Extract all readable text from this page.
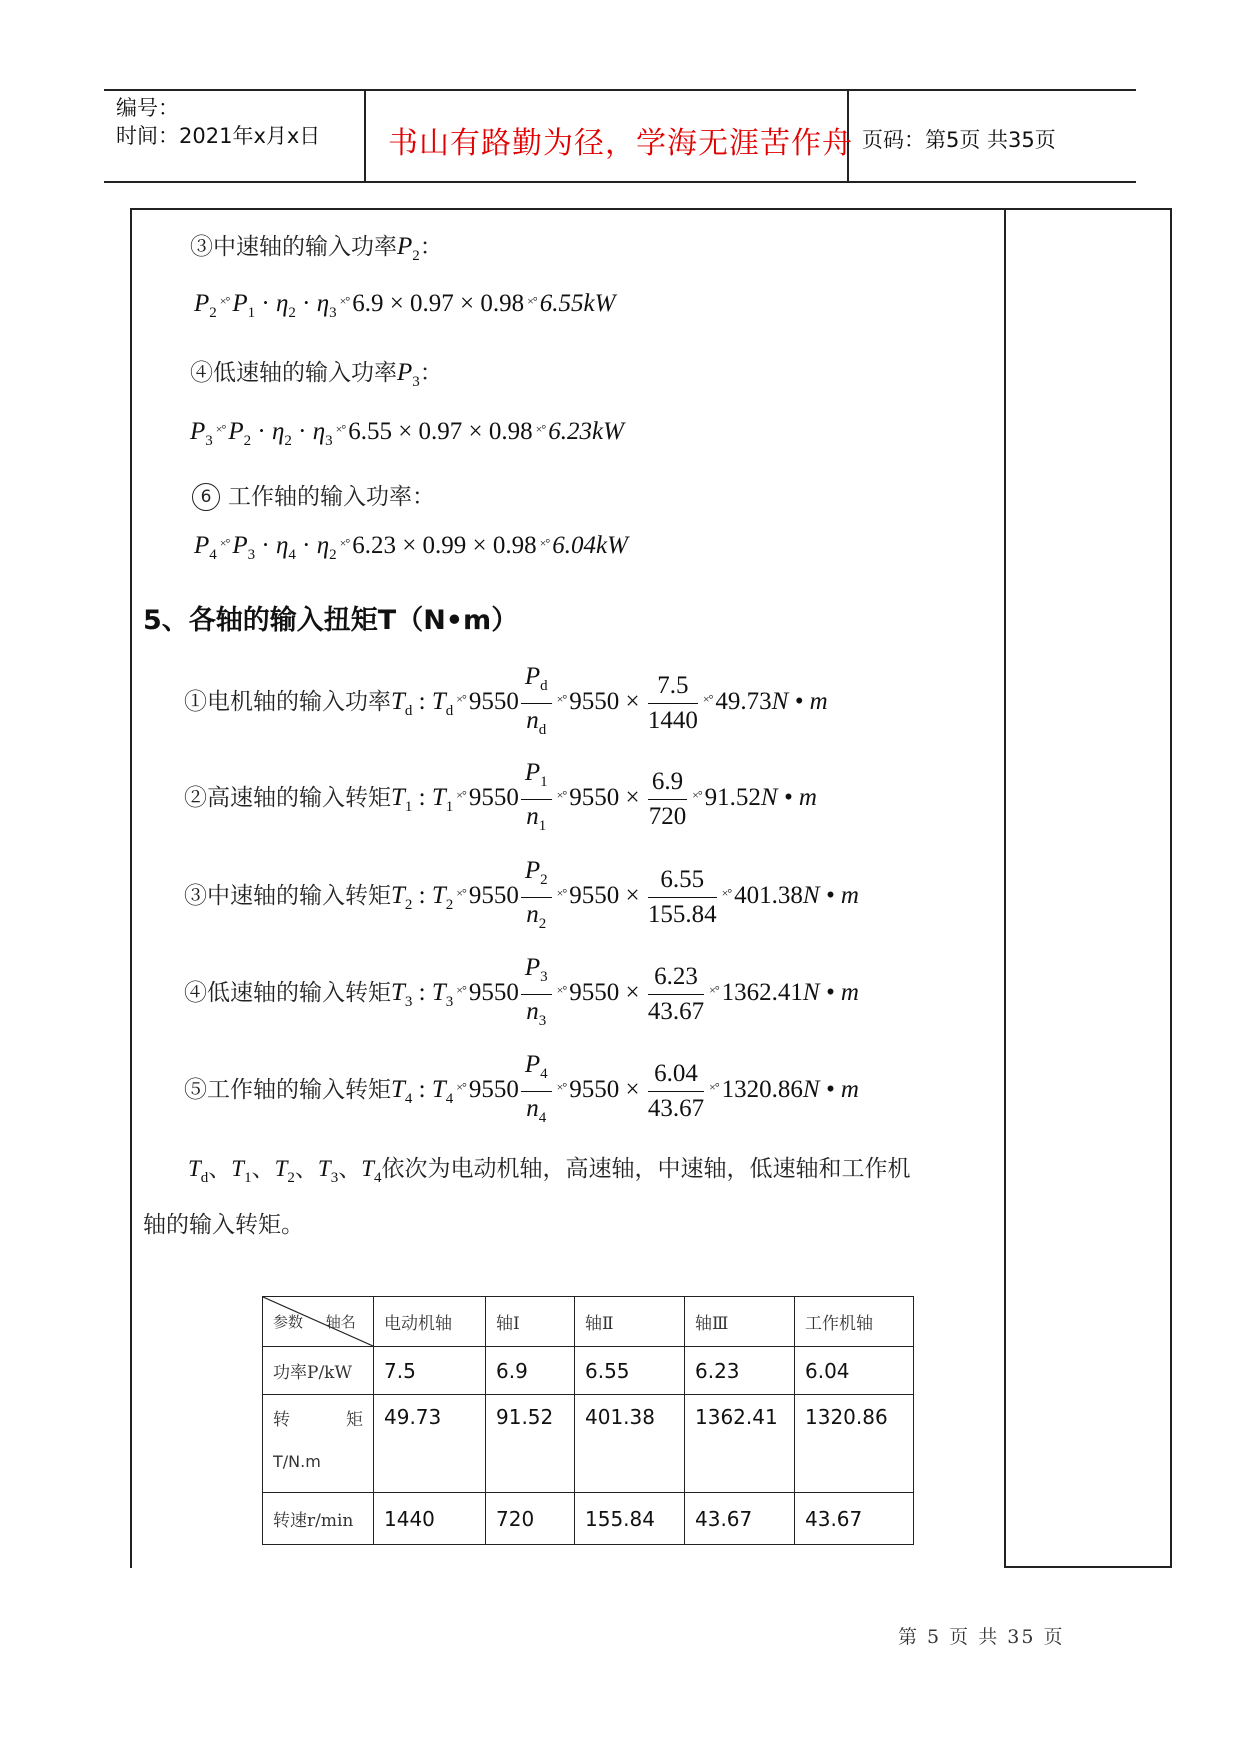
编号：
时间：2021年x月x日 书山有路勤为径，学海无涯苦作舟 页码：第5页 共35页
③中速轴的输入功率$P_2$：
$P_2^{\times^\circ}$ $P_1 \cdot \eta_2 \cdot \eta_3^{\times^\circ}$ 6.9 × 0.97 × 0.98 ×° 6.55kW
④低速轴的输入功率$P_3$：
$P_3^{\times^\circ}$ $P_2 \cdot \eta_2 \cdot \eta_3^{\times^\circ}$ 6.55 × 0.97 × 0.98 ×° 6.23kW
6 工作轴的输入功率：
$P_4^{\times^\circ}$ $P_3 \cdot \eta_4 \cdot \eta_2^{\times^\circ}$ 6.23 × 0.99 × 0.98 ×° 6.04kW
5、各轴的输入扭矩T（N•m）
①电机轴的输入功率$T_d$ : $T_d^{\times^\circ}$ $9550 \frac{P_d}{n_d} ^{\times^\circ}$ $9550 \times \frac{7.5}{1440} ^{\times^\circ}$ 49.73N • m
②高速轴的输入转矩$T_1$ : $T_1^{\times^\circ}$ $9550 \frac{P_1}{n_1} ^{\times^\circ}$ $9550 \times \frac{6.9}{720} ^{\times^\circ}$ 91.52N • m
③中速轴的输入转矩$T_2$ : $T_2^{\times^\circ}$ $9550 \frac{P_2}{n_2} ^{\times^\circ}$ $9550 \times \frac{6.55}{155.84} ^{\times^\circ}$ 401.38N • m
④低速轴的输入转矩$T_3$ : $T_3^{\times^\circ}$ $9550 \frac{P_3}{n_3} ^{\times^\circ}$ $9550 \times \frac{6.23}{43.67} ^{\times^\circ}$ 1362.41N • m
⑤工作轴的输入转矩$T_4$ : $T_4^{\times^\circ}$ $9550 \frac{P_4}{n_4} ^{\times^\circ}$ $9550 \times \frac{6.04}{43.67} ^{\times^\circ}$ 1320.86N • m
$T_d$、$T_1$、$T_2$、$T_3$、$T_4$依次为电动机轴，高速轴，中速轴，低速轴和工作机
轴的输入转矩。
参数 轴名	电动机轴	轴Ⅰ	轴Ⅱ	轴Ⅲ	工作机轴
功率P/kW	7.5	6.9	6.55	6.23	6.04

转 矩
T/N.m	49.73	91.52	401.38	1362.41	1320.86
转速r/min	1440	720	155.84	43.67	43.67
第 5 页 共 35 页
